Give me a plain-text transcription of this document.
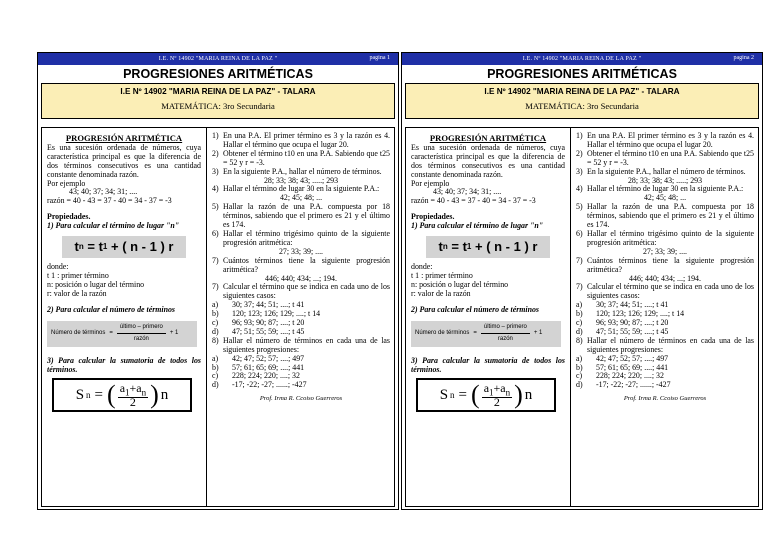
I.E. Nº 14902 "MARIA REINA DE LA PAZ "	pagina 1
PROGRESIONES ARITMÉTICAS
I.E Nº 14902 "MARIA REINA DE LA PAZ" - TALARA
MATEMÁTICA: 3ro Secundaria
PROGRESIÓN ARITMÉTICA
Es una sucesión ordenada de números, cuya característica principal es que la diferencia de dos términos consecutivos es una cantidad constante denominada razón.
Por ejemplo
43; 40; 37; 34; 31; ....
razón = 40 - 43 = 37 - 40 = 34 - 37 = -3
Propiedades.
1) Para calcular el término de lugar "n"
t n = t 1 + ( n - 1 ) r
donde:
t 1 : primer término
n: posición o lugar del término
r: valor de la razón
2) Para calcular el número de términos
Número de términos = $\frac{\text{último – primero}}{\text{razón}} + 1$
3) Para calcular la sumatoria de todos los términos.
S n = ( $a_1+a_n$
2 ) n
1) En una P.A. El primer término es 3 y la razón es 4. Hallar el término que ocupa el lugar 20.
2) Obtener el término t10 en una P.A. Sabiendo que t25 = 52 y r = -3.
3) En la siguiente P.A., hallar el número de términos.
28; 33; 38; 43; .....; 293
4) Hallar el término de lugar 30 en la siguiente P.A.:
42; 45; 48; ...
5) Hallar la razón de una P.A. compuesta por 18 términos, sabiendo que el primero es 21 y el último es 174.
6) Hallar el término trigésimo quinto de la siguiente progresión aritmética:
27; 33; 39; ....
7) Cuántos términos tiene la siguiente progresión aritmética?
446; 440; 434; ...; 194.
7) Calcular el término que se indica en cada uno de los siguientes casos:
a)	30; 37; 44; 51; ....; t 41
b)	120; 123; 126; 129; ....; t 14
c)	96; 93; 90; 87; ....; t 20
d)	47; 51; 55; 59; ....; t 45
8) Hallar el número de términos en cada una de las siguientes progresiones:
a)	42; 47; 52; 57; ....; 497
b)	57; 61; 65; 69; ....; 441
c)	228; 224; 220; ....; 32
d)	-17; -22; -27; ......; -427
Prof. Irma R. Ccoiso Guerreros
I.E. Nº 14902 "MARIA REINA DE LA PAZ "	pagina 2
PROGRESIONES ARITMÉTICAS
I.E Nº 14902 "MARIA REINA DE LA PAZ" - TALARA
MATEMÁTICA: 3ro Secundaria
PROGRESIÓN ARITMÉTICA
Es una sucesión ordenada de números, cuya característica principal es que la diferencia de dos términos consecutivos es una cantidad constante denominada razón.
Por ejemplo
43; 40; 37; 34; 31; ....
razón = 40 - 43 = 37 - 40 = 34 - 37 = -3
Propiedades.
1) Para calcular el término de lugar "n"
t n = t 1 + ( n - 1 ) r
donde:
t 1 : primer término
n: posición o lugar del término
r: valor de la razón
2) Para calcular el número de términos
Número de términos = $\frac{\text{último – primero}}{\text{razón}} + 1$
3) Para calcular la sumatoria de todos los términos.
S n = ( $a_1+a_n$
2 ) n
1) En una P.A. El primer término es 3 y la razón es 4. Hallar el término que ocupa el lugar 20.
2) Obtener el término t10 en una P.A. Sabiendo que t25 = 52 y r = -3.
3) En la siguiente P.A., hallar el número de términos.
28; 33; 38; 43; .....; 293
4) Hallar el término de lugar 30 en la siguiente P.A.:
42; 45; 48; ...
5) Hallar la razón de una P.A. compuesta por 18 términos, sabiendo que el primero es 21 y el último es 174.
6) Hallar el término trigésimo quinto de la siguiente progresión aritmética:
27; 33; 39; ....
7) Cuántos términos tiene la siguiente progresión aritmética?
446; 440; 434; ...; 194.
7) Calcular el término que se indica en cada uno de los siguientes casos:
a)	30; 37; 44; 51; ....; t 41
b)	120; 123; 126; 129; ....; t 14
c)	96; 93; 90; 87; ....; t 20
d)	47; 51; 55; 59; ....; t 45
8) Hallar el número de términos en cada una de las siguientes progresiones:
a)	42; 47; 52; 57; ....; 497
b)	57; 61; 65; 69; ....; 441
c)	228; 224; 220; ....; 32
d)	-17; -22; -27; ......; -427
Prof. Irma R. Ccoiso Guerreros
